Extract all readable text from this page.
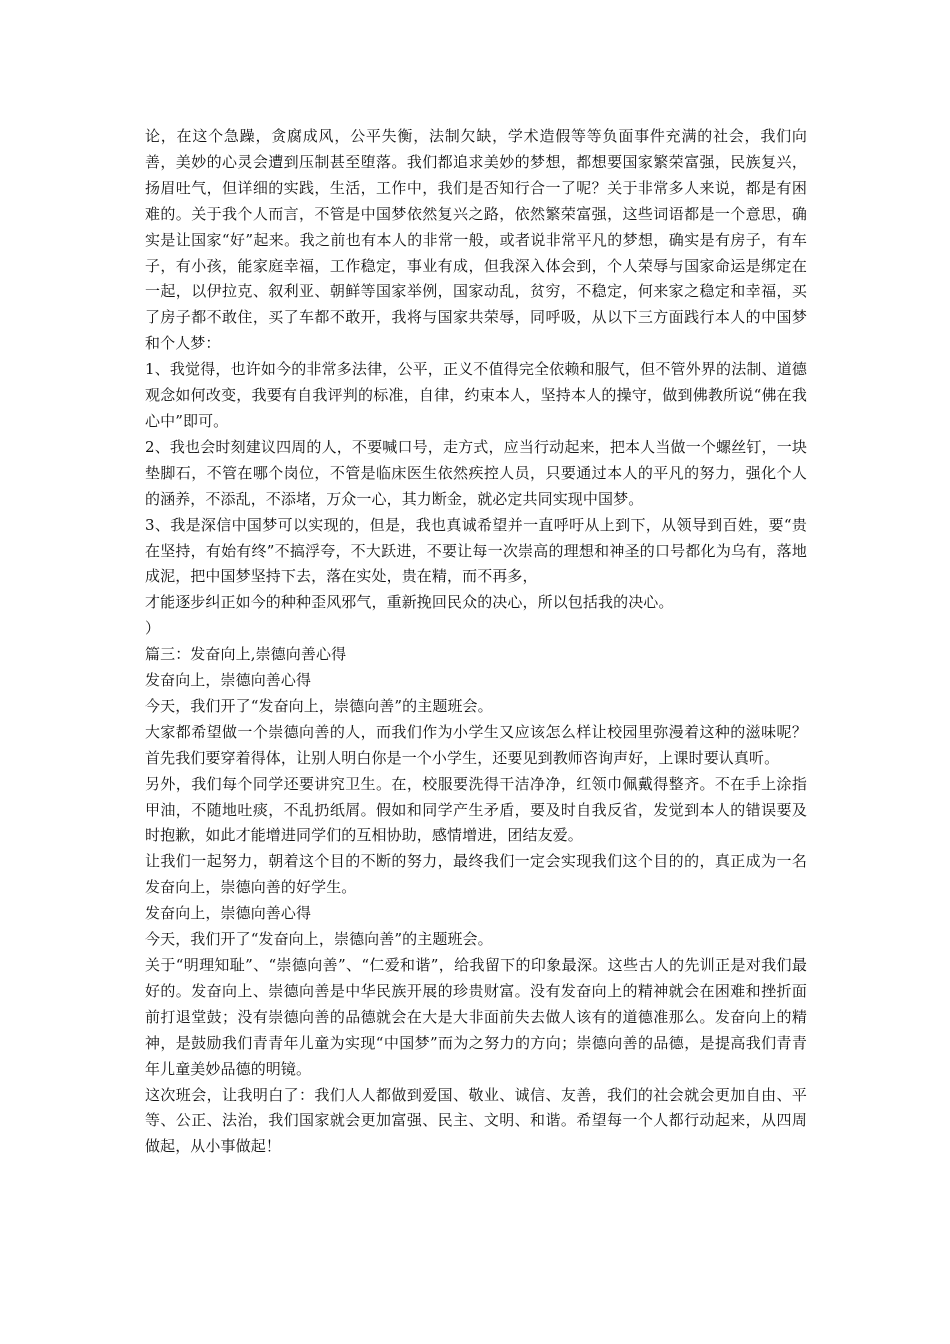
论，在这个急躁，贪腐成风，公平失衡，法制欠缺，学术造假等等负面事件充满的社会，我们向善，美妙的心灵会遭到压制甚至堕落。我们都追求美妙的梦想，都想要国家繁荣富强，民族复兴，扬眉吐气，但详细的实践，生活，工作中，我们是否知行合一了呢？关于非常多人来说，都是有困难的。关于我个人而言，不管是中国梦依然复兴之路，依然繁荣富强，这些词语都是一个意思，确实是让国家“好”起来。我之前也有本人的非常一般，或者说非常平凡的梦想，确实是有房子，有车子，有小孩，能家庭幸福，工作稳定，事业有成，但我深入体会到，个人荣辱与国家命运是绑定在一起，以伊拉克、叙利亚、朝鲜等国家举例，国家动乱，贫穷，不稳定，何来家之稳定和幸福，买了房子都不敢住，买了车都不敢开，我将与国家共荣辱，同呼吸，从以下三方面践行本人的中国梦和个人梦：

1、我觉得，也许如今的非常多法律，公平，正义不值得完全依赖和服气，但不管外界的法制、道德观念如何改变，我要有自我评判的标准，自律，约束本人，坚持本人的操守，做到佛教所说“佛在我心中”即可。

2、我也会时刻建议四周的人，不要喊口号，走方式，应当行动起来，把本人当做一个螺丝钉，一块垫脚石，不管在哪个岗位，不管是临床医生依然疾控人员，只要通过本人的平凡的努力，强化个人的涵养，不添乱，不添堵，万众一心，其力断金，就必定共同实现中国梦。

3、我是深信中国梦可以实现的，但是，我也真诚希望并一直呼吁从上到下，从领导到百姓，要“贵在坚持，有始有终”不搞浮夸，不大跃进，不要让每一次崇高的理想和神圣的口号都化为乌有，落地成泥，把中国梦坚持下去，落在实处，贵在精，而不再多，

才能逐步纠正如今的种种歪风邪气，重新挽回民众的决心，所以包括我的决心。

）

篇三：发奋向上,崇德向善心得

发奋向上，崇德向善心得

今天，我们开了“发奋向上，崇德向善”的主题班会。

大家都希望做一个崇德向善的人，而我们作为小学生又应该怎么样让校园里弥漫着这种的滋味呢？首先我们要穿着得体，让别人明白你是一个小学生，还要见到教师咨询声好，上课时要认真听。

另外，我们每个同学还要讲究卫生。在，校服要洗得干洁净净，红领巾佩戴得整齐。不在手上涂指甲油，不随地吐痰，不乱扔纸屑。假如和同学产生矛盾，要及时自我反省，发觉到本人的错误要及时抱歉，如此才能增进同学们的互相协助，感情增进，团结友爱。

让我们一起努力，朝着这个目的不断的努力，最终我们一定会实现我们这个目的的，真正成为一名发奋向上，崇德向善的好学生。

发奋向上，崇德向善心得

今天，我们开了“发奋向上，崇德向善”的主题班会。

关于“明理知耻”、“崇德向善”、“仁爱和谐”，给我留下的印象最深。这些古人的先训正是对我们最好的。发奋向上、崇德向善是中华民族开展的珍贵财富。没有发奋向上的精神就会在困难和挫折面前打退堂鼓；没有崇德向善的品德就会在大是大非面前失去做人该有的道德准那么。发奋向上的精神，是鼓励我们青青年儿童为实现“中国梦”而为之努力的方向；崇德向善的品德，是提高我们青青年儿童美妙品德的明镜。

这次班会，让我明白了：我们人人都做到爱国、敬业、诚信、友善，我们的社会就会更加自由、平等、公正、法治，我们国家就会更加富强、民主、文明、和谐。希望每一个人都行动起来，从四周做起，从小事做起！
